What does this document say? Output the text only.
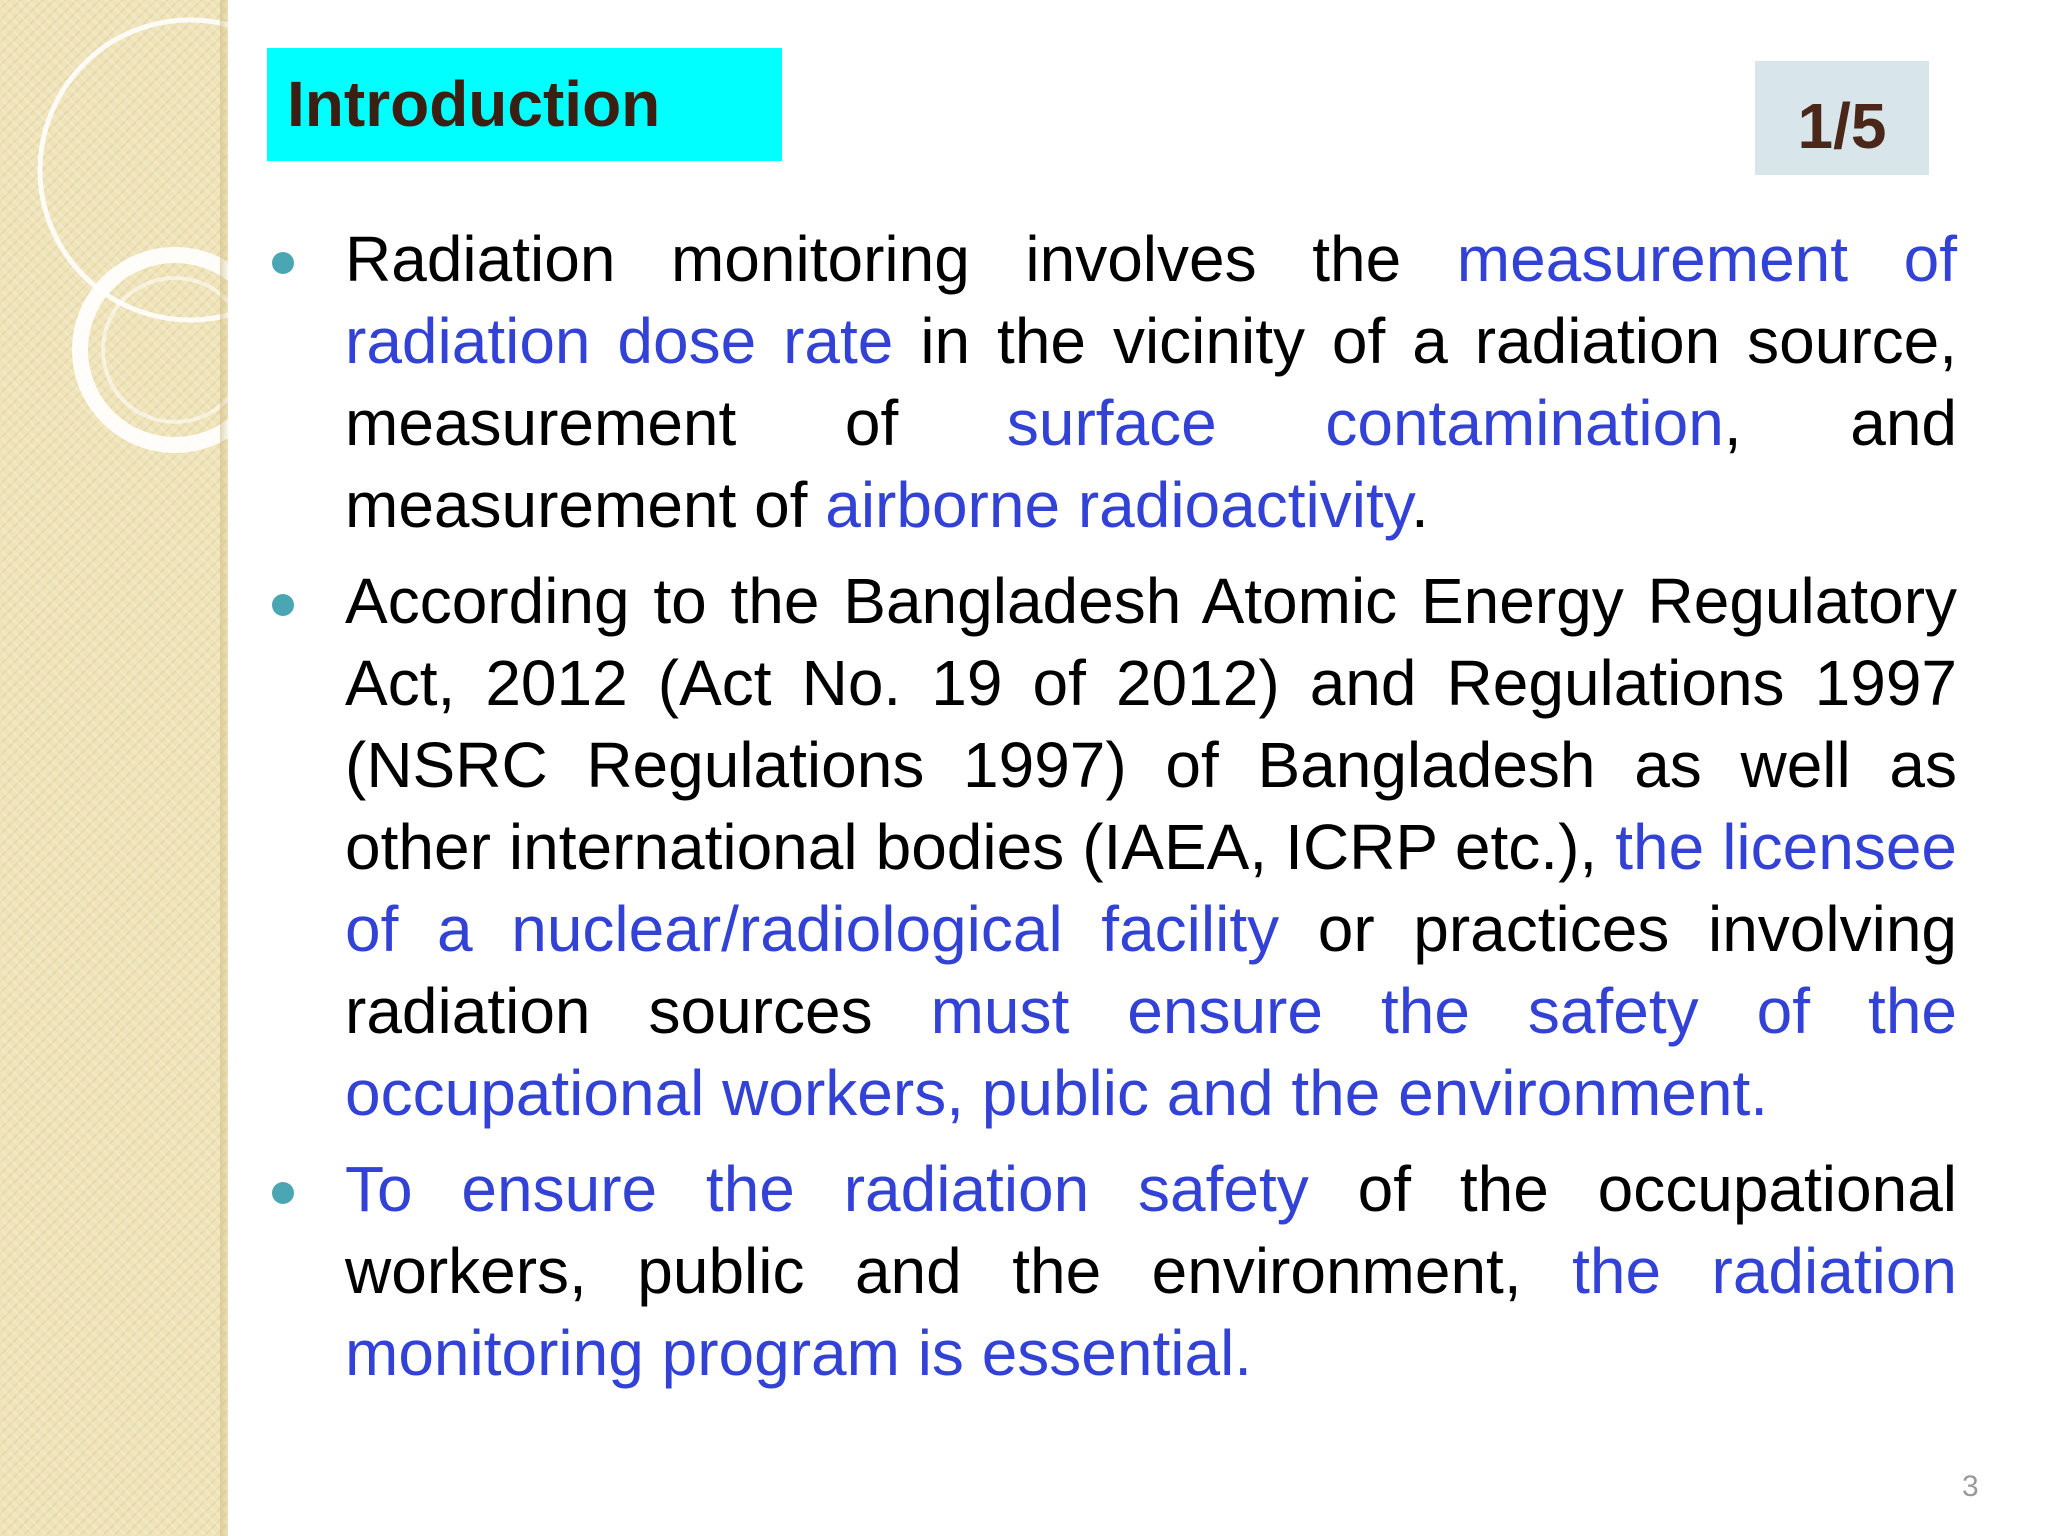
Introduction	1/5
Radiation monitoring involves the measurement of radiation dose rate in the vicinity of a radiation source, measurement of surface contamination, and measurement of airborne radioactivity.
According to the Bangladesh Atomic Energy Regulatory Act, 2012 (Act No. 19 of 2012) and Regulations 1997 (NSRC Regulations 1997) of Bangladesh as well as other international bodies (IAEA, ICRP etc.), the licensee of a nuclear/radiological facility or practices involving radiation sources must ensure the safety of the occupational workers, public and the environment.
To ensure the radiation safety of the occupational workers, public and the environment, the radiation monitoring program is essential.
3
